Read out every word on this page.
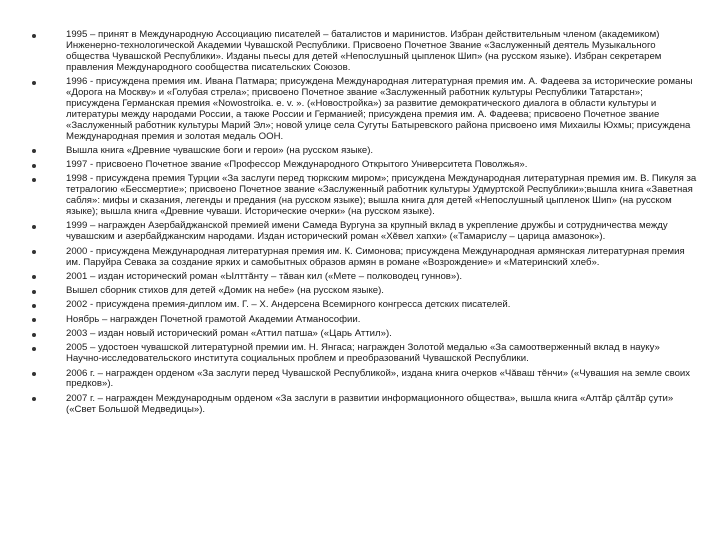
1995 – принят в Международную Ассоциацию писателей – баталистов и маринистов. Избран действительным членом (академиком) Инженерно-технологической Академии Чувашской Республики. Присвоено Почетное Звание «Заслуженный деятель Музыкального общества Чувашской Республики». Изданы пьесы для детей «Непослушный цыпленок Шип» (на русском языке). Избран секретарем правления Международного сообщества писательских Союзов.
1996 - присуждена премия им. Ивана Патмара; присуждена Международная литературная премия им. А. Фадеева за исторические романы «Дорога на Москву» и «Голубая стрела»; присвоено Почетное звание «Заслуженный работник культуры Республики Татарстан»; присуждена Германская премия «Nowostroika. e. v. ». («Новостройка») за развитие демократического диалога в области культуры и литературы между народами России, а также России и Германией; присуждена премия им. А. Фадеева; присвоено Почетное звание «Заслуженный работник культуры Марий Эл»; новой улице села Сугуты Батыревского района присвоено имя Михаилы Юхмы; присуждена Международная премия и золотая медаль ООН.
Вышла книга «Древние чувашские боги и герои» (на русском языке).
1997 - присвоено Почетное звание «Профессор Международного Открытого Университета Поволжья».
1998 - присуждена премия Турции «За заслуги перед тюркским миром»; присуждена Международная литературная премия им. В. Пикуля за тетралогию «Бессмертие»; присвоено Почетное звание «Заслуженный работник культуры Удмуртской Республики»;вышла книга «Заветная сабля»: мифы и сказания, легенды и предания (на русском языке); вышла книга для детей «Непослушный цыпленок Шип» (на русском языке); вышла книга «Древние чуваши. Исторические очерки» (на русском языке).
1999 – награжден Азербайджанской премией имени Самеда Вургуна за крупный вклад в укрепление дружбы и сотрудничества между чувашским и азербайджанским народами. Издан исторический роман «Хĕвел хапхи» («Тамарислу – царица амазонок»).
2000 - присуждена Международная литературная премия им. К. Симонова; присуждена Международная армянская литературная премия им. Паруйра Севака за создание ярких и самобытных образов армян в романе «Возрождение» и «Материнский хлеб».
2001 – издан исторический роман «Ылттăнту – тăван кил («Мете – полководец гуннов»).
Вышел сборник стихов для детей «Домик на небе» (на русском языке).
2002 - присуждена премия-диплом им. Г. – Х. Андерсена Всемирного конгресса детских писателей.
Ноябрь – награжден Почетной грамотой Академии Атманософии.
2003 – издан новый исторический роман «Аттил патша» («Царь Аттил»).
2005 – удостоен чувашской литературной премии им. Н. Янгаса; награжден Золотой медалью «За самоотверженный вклад в науку» Научно-исследовательского института социальных проблем и преобразований Чувашской Республики.
2006 г. – награжден орденом «За заслуги перед Чувашской Республикой», издана книга очерков «Чăваш тĕнчи» («Чувашия на земле своих предков»).
2007 г. – награжден Международным орденом «За заслуги в развитии информационного общества», вышла книга «Алтăр çăлтăр çути» («Свет Большой Медведицы»).
